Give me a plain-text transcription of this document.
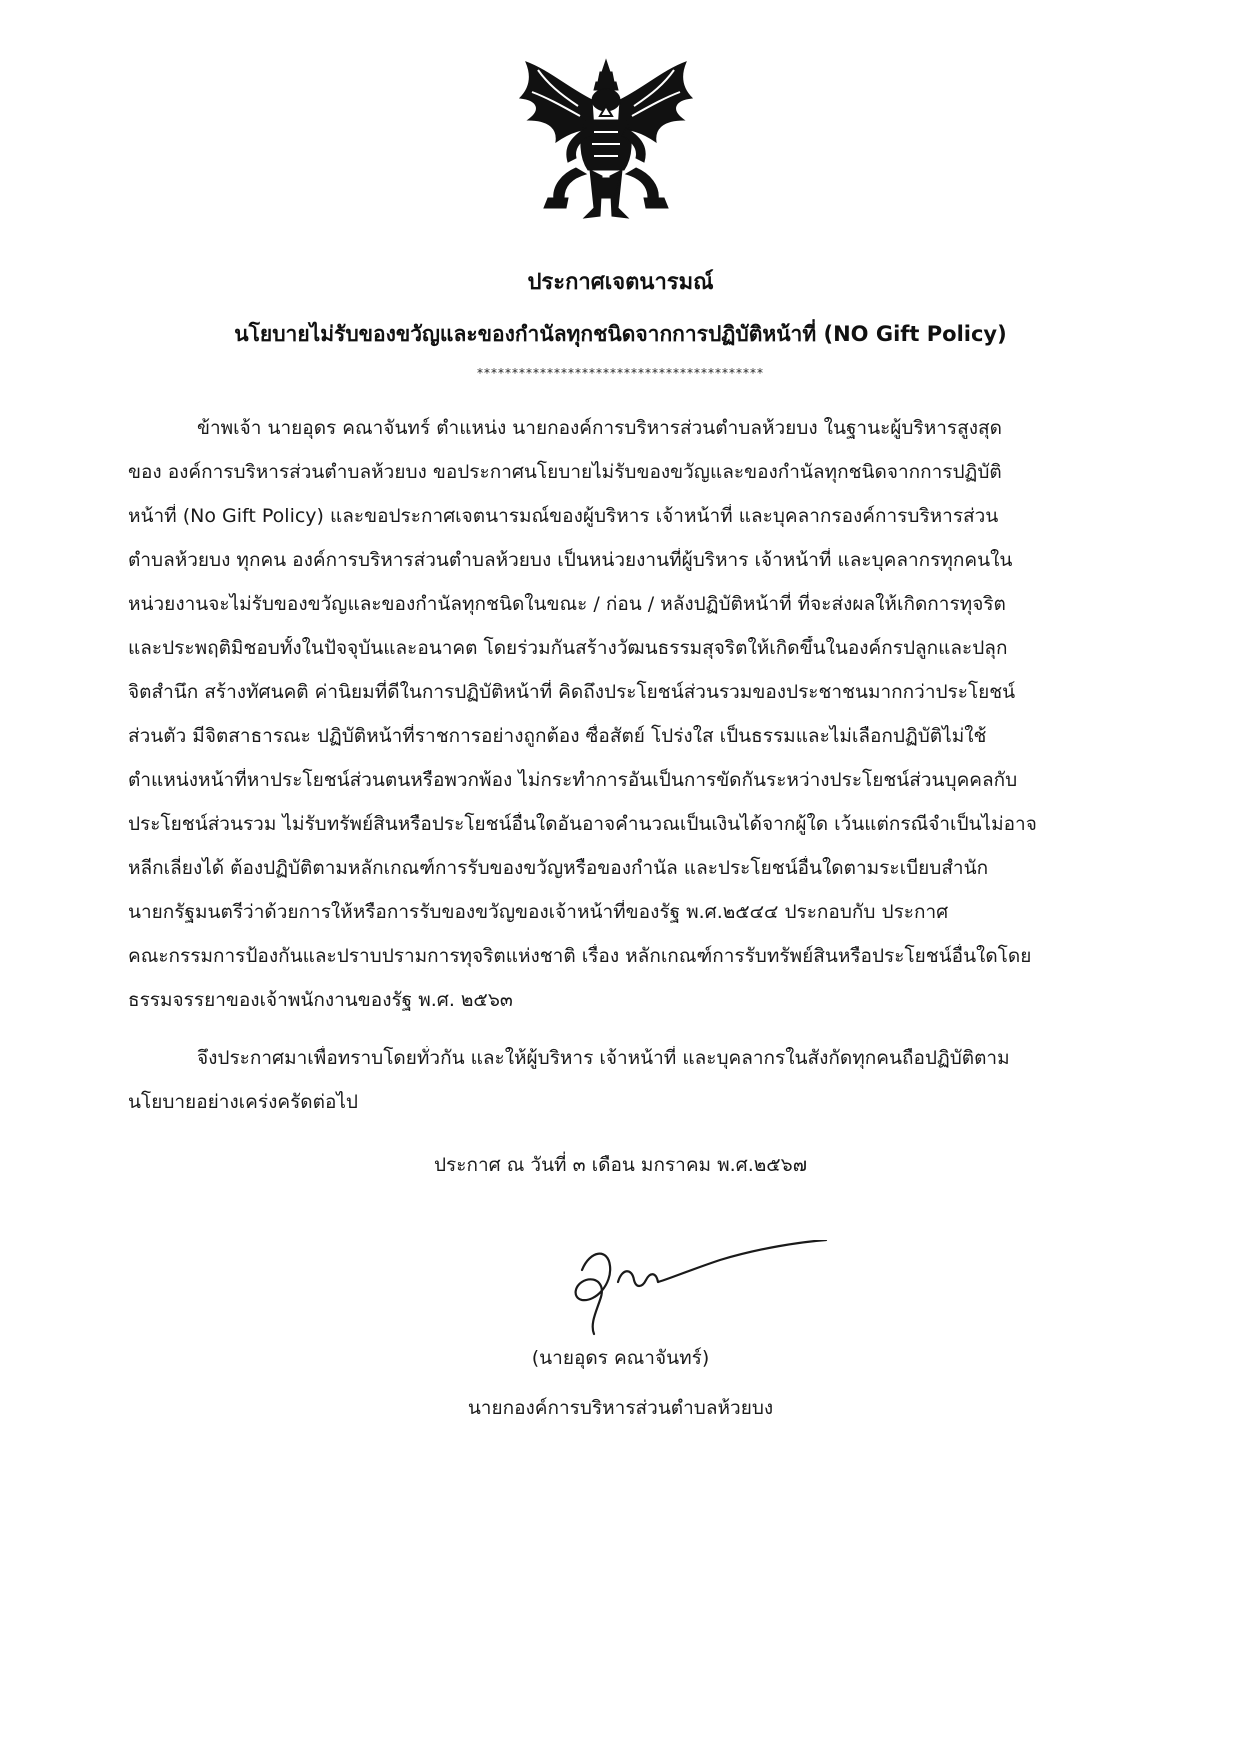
ประกาศเจตนารมณ์
นโยบายไม่รับของขวัญและของกำนัลทุกชนิดจากการปฏิบัติหน้าที่ (NO Gift Policy)
*****************************************
ข้าพเจ้า นายอุดร คณาจันทร์ ตำแหน่ง นายกองค์การบริหารส่วนตำบลห้วยบง ในฐานะผู้บริหารสูงสุด
ของ องค์การบริหารส่วนตำบลห้วยบง ขอประกาศนโยบายไม่รับของขวัญและของกำนัลทุกชนิดจากการปฏิบัติ
หน้าที่ (No Gift Policy) และขอประกาศเจตนารมณ์ของผู้บริหาร เจ้าหน้าที่ และบุคลากรองค์การบริหารส่วน
ตำบลห้วยบง ทุกคน องค์การบริหารส่วนตำบลห้วยบง เป็นหน่วยงานที่ผู้บริหาร เจ้าหน้าที่ และบุคลากรทุกคนใน
หน่วยงานจะไม่รับของขวัญและของกำนัลทุกชนิดในขณะ / ก่อน / หลังปฏิบัติหน้าที่ ที่จะส่งผลให้เกิดการทุจริต
และประพฤติมิชอบทั้งในปัจจุบันและอนาคต โดยร่วมกันสร้างวัฒนธรรมสุจริตให้เกิดขึ้นในองค์กรปลูกและปลุก
จิตสำนึก สร้างทัศนคติ ค่านิยมที่ดีในการปฏิบัติหน้าที่ คิดถึงประโยชน์ส่วนรวมของประชาชนมากกว่าประโยชน์
ส่วนตัว มีจิตสาธารณะ ปฏิบัติหน้าที่ราชการอย่างถูกต้อง ซื่อสัตย์ โปร่งใส เป็นธรรมและไม่เลือกปฏิบัติไม่ใช้
ตำแหน่งหน้าที่หาประโยชน์ส่วนตนหรือพวกพ้อง ไม่กระทำการอันเป็นการขัดกันระหว่างประโยชน์ส่วนบุคคลกับ
ประโยชน์ส่วนรวม ไม่รับทรัพย์สินหรือประโยชน์อื่นใดอันอาจคำนวณเป็นเงินได้จากผู้ใด เว้นแต่กรณีจำเป็นไม่อาจ
หลีกเลี่ยงได้ ต้องปฏิบัติตามหลักเกณฑ์การรับของขวัญหรือของกำนัล และประโยชน์อื่นใดตามระเบียบสำนัก
นายกรัฐมนตรีว่าด้วยการให้หรือการรับของขวัญของเจ้าหน้าที่ของรัฐ พ.ศ.๒๕๔๔ ประกอบกับ ประกาศ
คณะกรรมการป้องกันและปราบปรามการทุจริตแห่งชาติ เรื่อง หลักเกณฑ์การรับทรัพย์สินหรือประโยชน์อื่นใดโดย
ธรรมจรรยาของเจ้าพนักงานของรัฐ พ.ศ. ๒๕๖๓
จึงประกาศมาเพื่อทราบโดยทั่วกัน และให้ผู้บริหาร เจ้าหน้าที่ และบุคลากรในสังกัดทุกคนถือปฏิบัติตาม
นโยบายอย่างเคร่งครัดต่อไป
ประกาศ ณ วันที่ ๓ เดือน มกราคม พ.ศ.๒๕๖๗
(นายอุดร คณาจันทร์)
นายกองค์การบริหารส่วนตำบลห้วยบง
